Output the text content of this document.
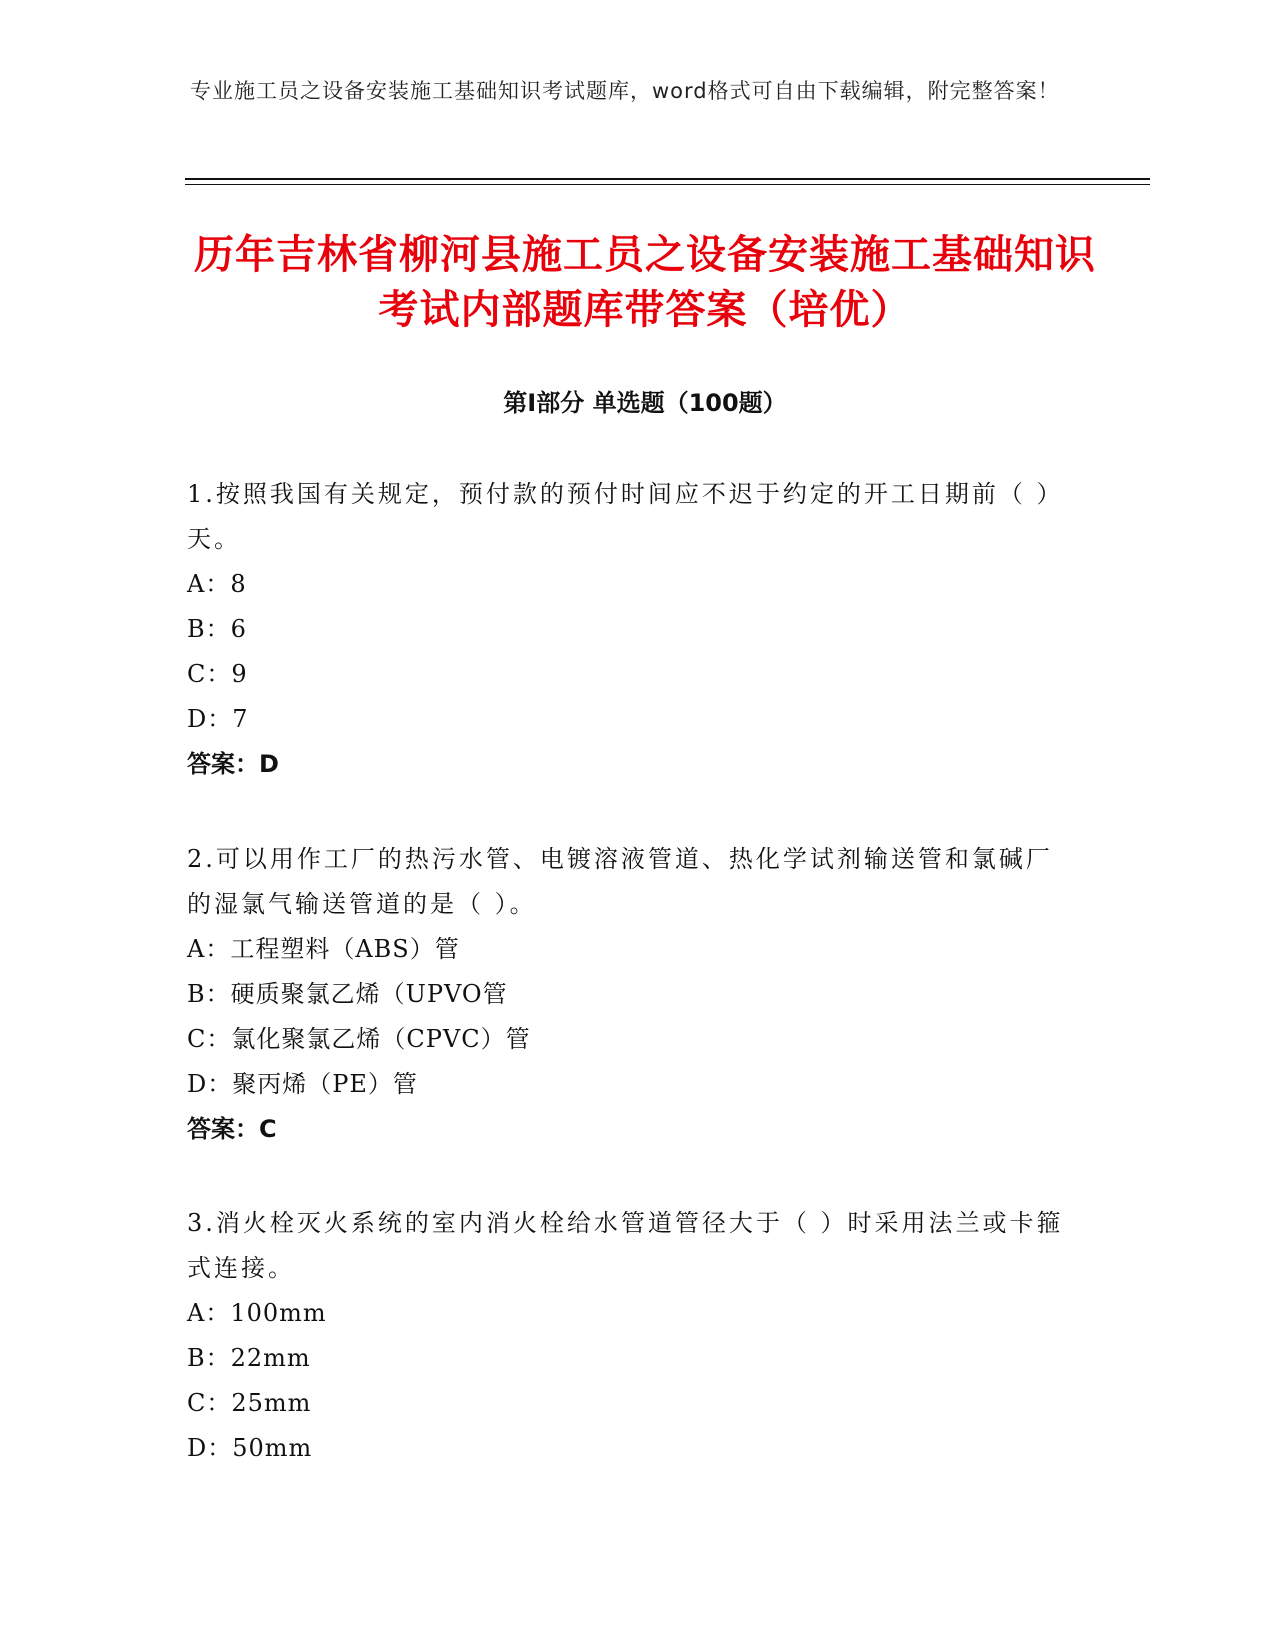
专业施工员之设备安装施工基础知识考试题库，word格式可自由下载编辑，附完整答案！
历年吉林省柳河县施工员之设备安装施工基础知识考试内部题库带答案（培优）
第Ⅰ部分 单选题（100题）
1.按照我国有关规定，预付款的预付时间应不迟于约定的开工日期前（ ）天。
A：8
B：6
C：9
D：7
答案：D
2.可以用作工厂的热污水管、电镀溶液管道、热化学试剂输送管和氯碱厂的湿氯气输送管道的是（ ）。
A：工程塑料（ABS）管
B：硬质聚氯乙烯（UPVO管
C：氯化聚氯乙烯（CPVC）管
D：聚丙烯（PE）管
答案：C
3.消火栓灭火系统的室内消火栓给水管道管径大于（ ）时采用法兰或卡箍式连接。
A：100mm
B：22mm
C：25mm
D：50mm
